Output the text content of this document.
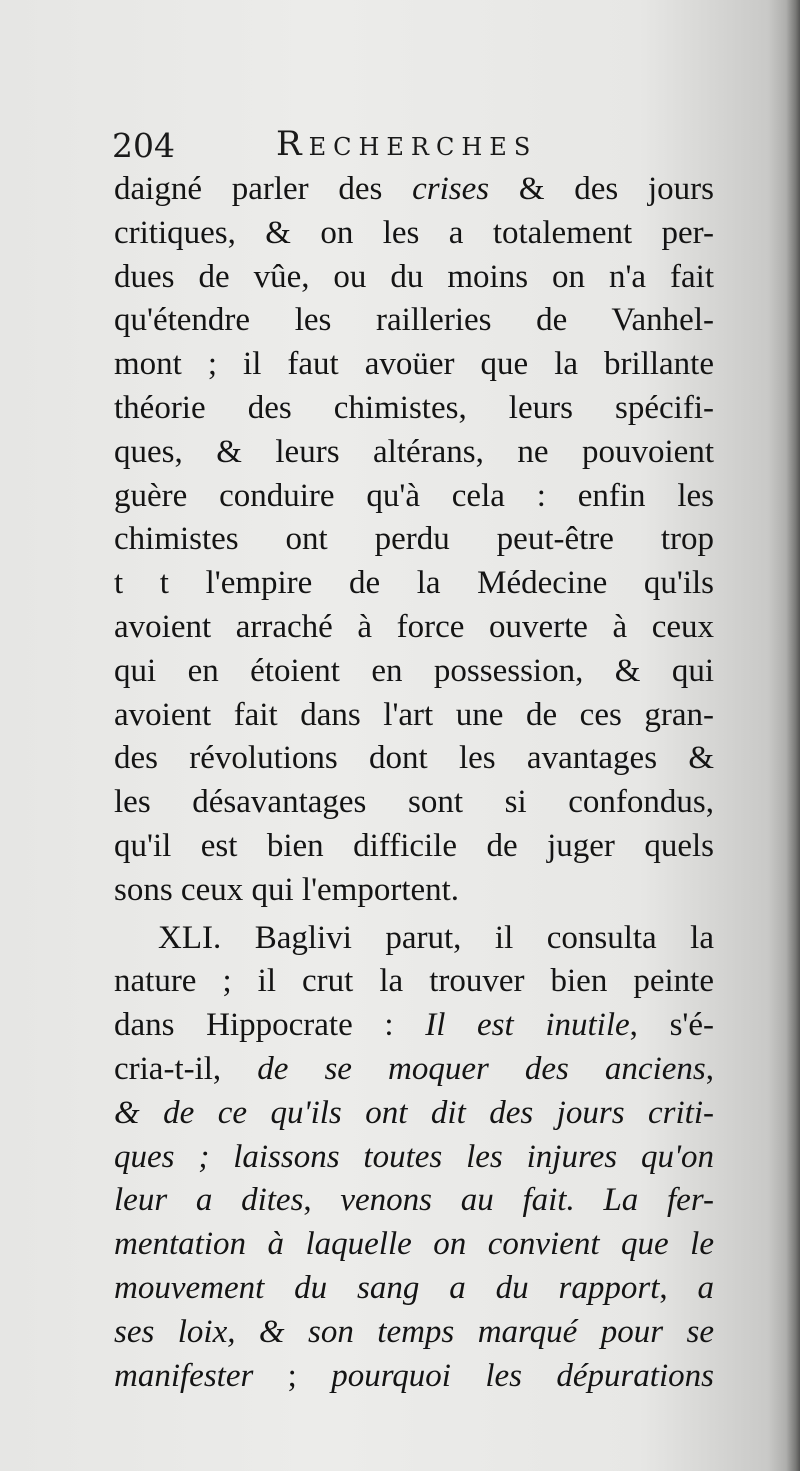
204	Recherches
daigné parler des crises & des jours
critiques, & on les a totalement per-
dues de vûe, ou du moins on n'a fait
qu'étendre les railleries de Vanhel-
mont ; il faut avoüer que la brillante
théorie des chimistes, leurs spécifi-
ques, & leurs altérans, ne pouvoient
guère conduire qu'à cela : enfin les
chimistes ont perdu peut-être trop
t t l'empire de la Médecine qu'ils
avoient arraché à force ouverte à ceux
qui en étoient en possession, & qui
avoient fait dans l'art une de ces gran-
des révolutions dont les avantages &
les désavantages sont si confondus,
qu'il est bien difficile de juger quels
sons ceux qui l'emportent.
XLI. Baglivi parut, il consulta la
nature ; il crut la trouver bien peinte
dans Hippocrate : Il est inutile, s'é-
cria-t-il, de se moquer des anciens,
& de ce qu'ils ont dit des jours criti-
ques ; laissons toutes les injures qu'on
leur a dites, venons au fait. La fer-
mentation à laquelle on convient que le
mouvement du sang a du rapport, a
ses loix, & son temps marqué pour se
manifester ; pourquoi les dépurations
